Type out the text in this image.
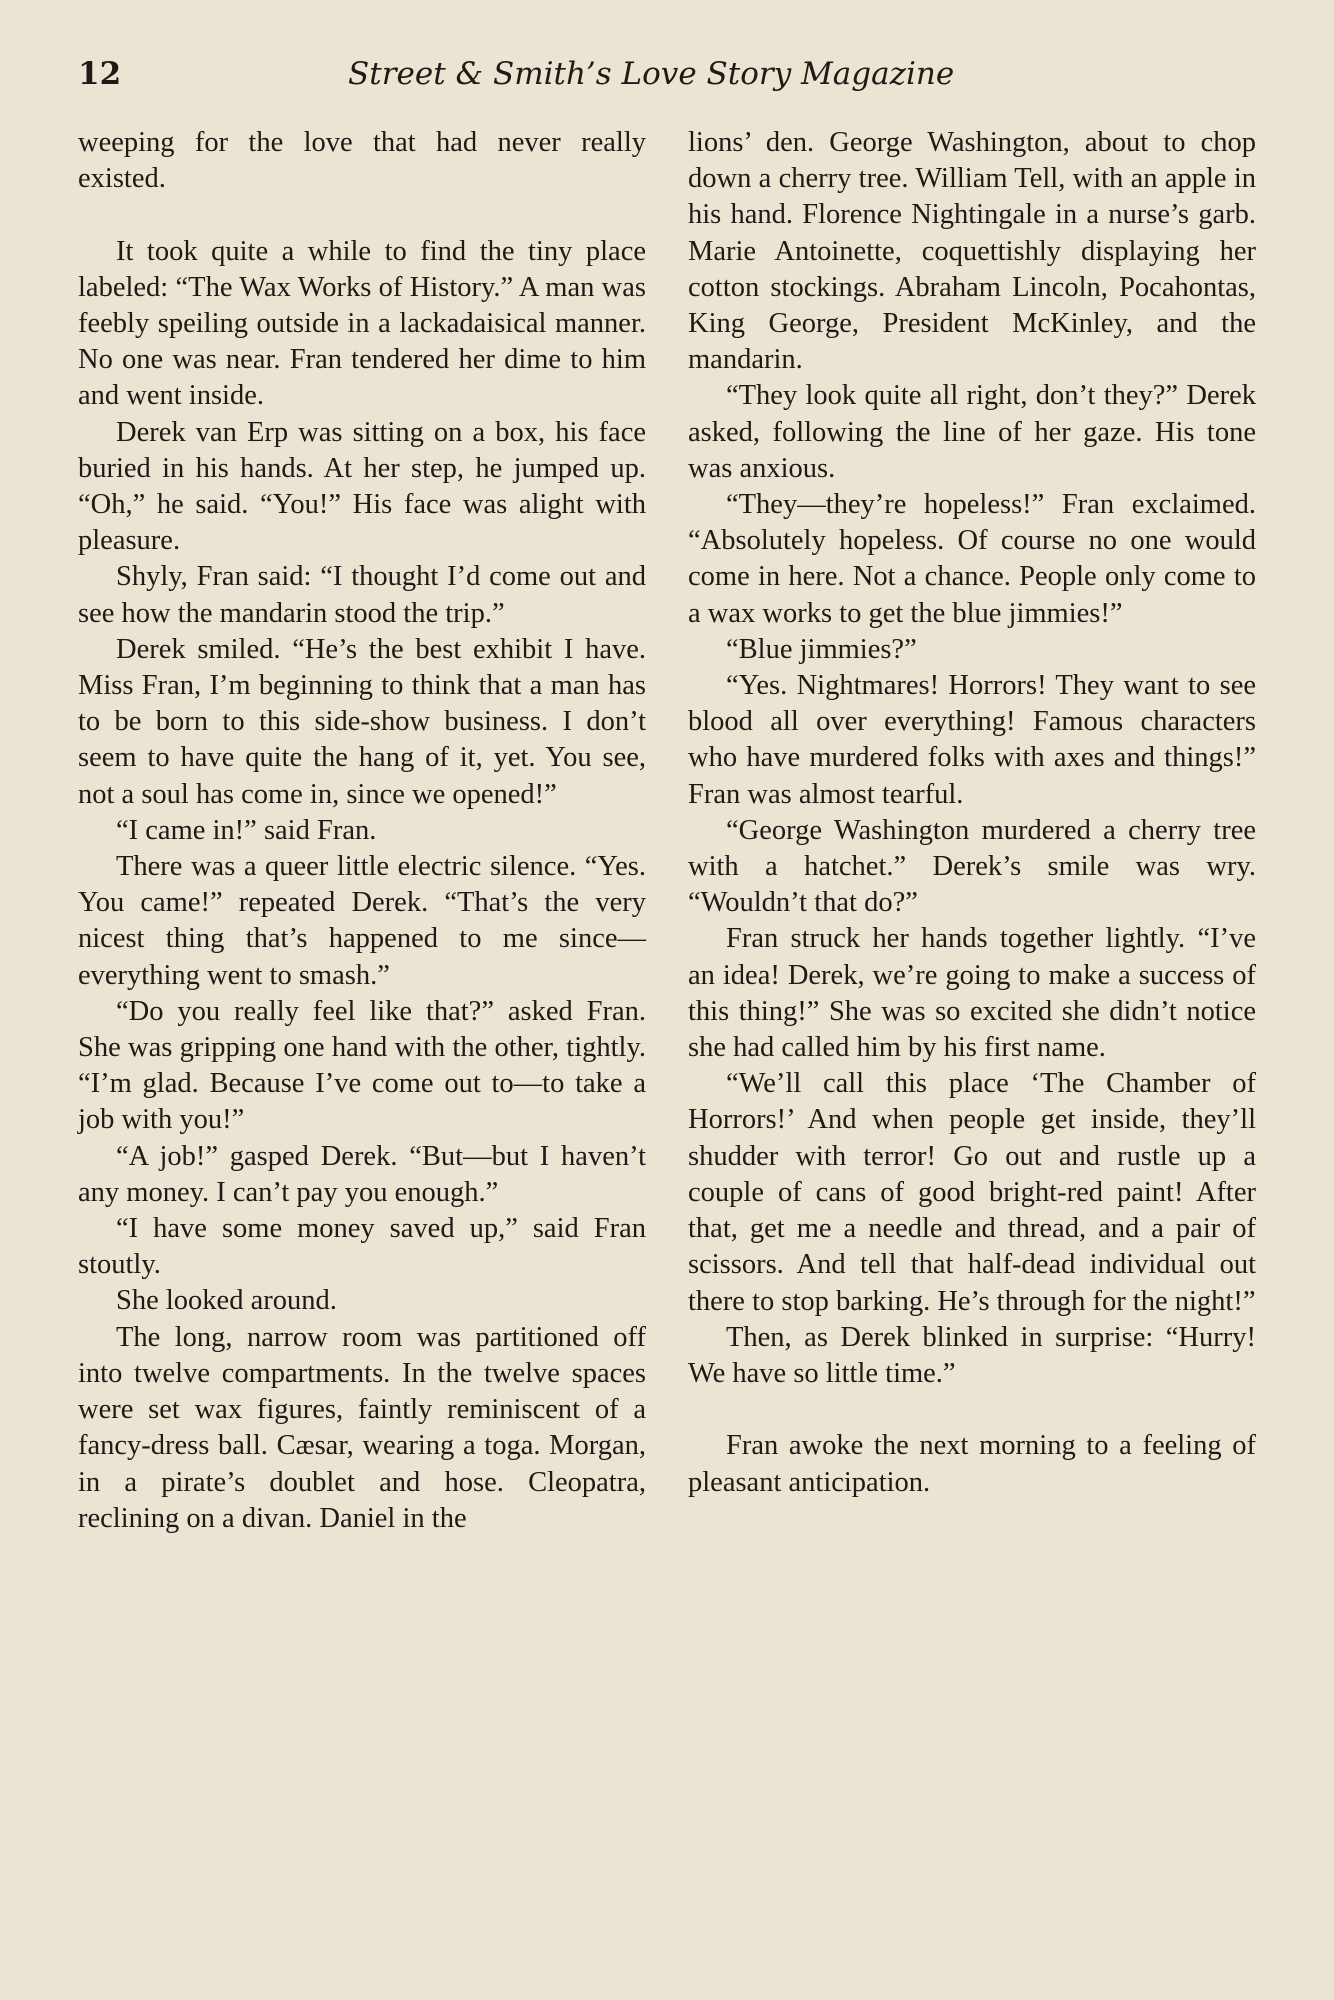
12	Street & Smith’s Love Story Magazine

weeping for the love that had never really existed.

It took quite a while to find the tiny place labeled: “The Wax Works of History.” A man was feebly speiling outside in a lackadaisical manner. No one was near. Fran tendered her dime to him and went inside.

Derek van Erp was sitting on a box, his face buried in his hands. At her step, he jumped up. “Oh,” he said. “You!” His face was alight with pleasure.

Shyly, Fran said: “I thought I’d come out and see how the mandarin stood the trip.”

Derek smiled. “He’s the best exhibit I have. Miss Fran, I’m beginning to think that a man has to be born to this side-show business. I don’t seem to have quite the hang of it, yet. You see, not a soul has come in, since we opened!”

“I came in!” said Fran.

There was a queer little electric silence. “Yes. You came!” repeated Derek. “That’s the very nicest thing that’s happened to me since—everything went to smash.”

“Do you really feel like that?” asked Fran. She was gripping one hand with the other, tightly. “I’m glad. Because I’ve come out to—to take a job with you!”

“A job!” gasped Derek. “But—but I haven’t any money. I can’t pay you enough.”

“I have some money saved up,” said Fran stoutly.

She looked around.

The long, narrow room was partitioned off into twelve compartments. In the twelve spaces were set wax figures, faintly reminiscent of a fancy-dress ball. Cæsar, wearing a toga. Morgan, in a pirate’s doublet and hose. Cleopatra, reclining on a divan. Daniel in the

lions’ den. George Washington, about to chop down a cherry tree. William Tell, with an apple in his hand. Florence Nightingale in a nurse’s garb. Marie Antoinette, coquettishly displaying her cotton stockings. Abraham Lincoln, Pocahontas, King George, President McKinley, and the mandarin.

“They look quite all right, don’t they?” Derek asked, following the line of her gaze. His tone was anxious.

“They—they’re hopeless!” Fran exclaimed. “Absolutely hopeless. Of course no one would come in here. Not a chance. People only come to a wax works to get the blue jimmies!”

“Blue jimmies?”

“Yes. Nightmares! Horrors! They want to see blood all over everything! Famous characters who have murdered folks with axes and things!” Fran was almost tearful.

“George Washington murdered a cherry tree with a hatchet.” Derek’s smile was wry. “Wouldn’t that do?”

Fran struck her hands together lightly. “I’ve an idea! Derek, we’re going to make a success of this thing!” She was so excited she didn’t notice she had called him by his first name.

“We’ll call this place ‘The Chamber of Horrors!’ And when people get inside, they’ll shudder with terror! Go out and rustle up a couple of cans of good bright-red paint! After that, get me a needle and thread, and a pair of scissors. And tell that half-dead individual out there to stop barking. He’s through for the night!”

Then, as Derek blinked in surprise: “Hurry! We have so little time.”

Fran awoke the next morning to a feeling of pleasant anticipation.
